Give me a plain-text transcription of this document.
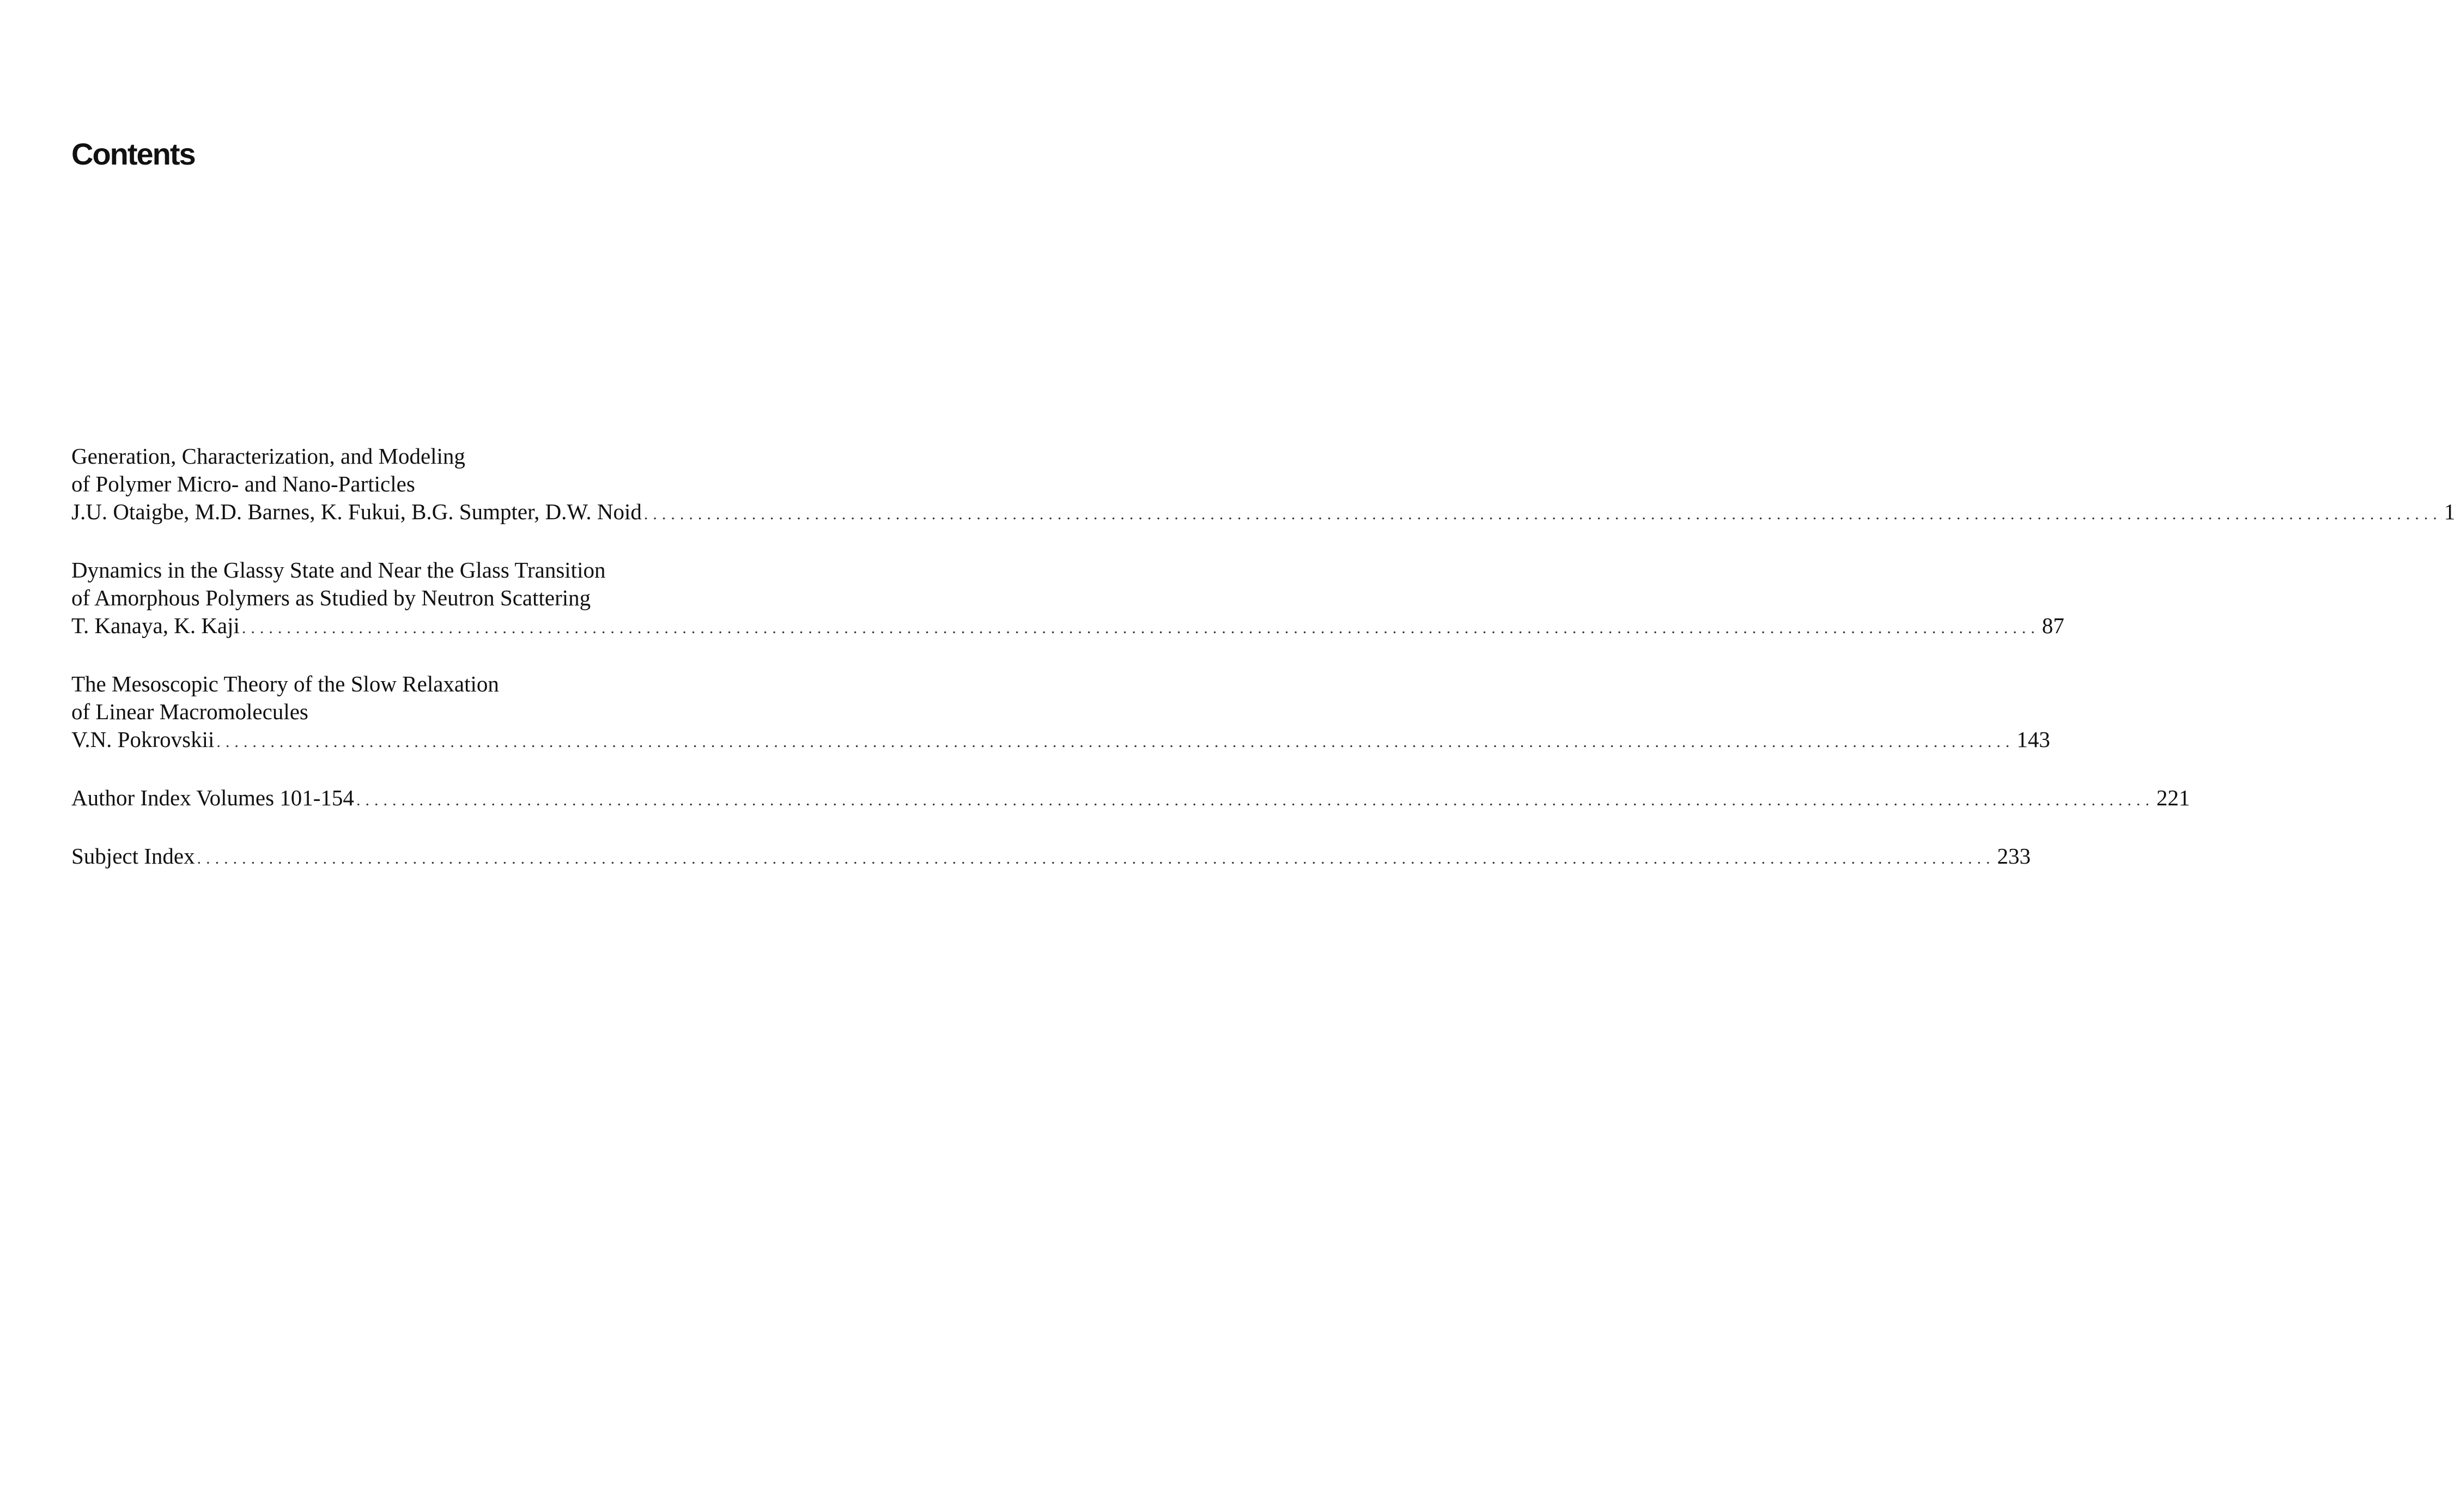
Contents
Generation, Characterization, and Modeling
of Polymer Micro- and Nano-Particles
J.U. Otaigbe, M.D. Barnes, K. Fukui, B.G. Sumpter, D.W. Noid ........................................................................................................................................................................................................ 1
Dynamics in the Glassy State and Near the Glass Transition
of Amorphous Polymers as Studied by Neutron Scattering
T. Kanaya, K. Kaji ........................................................................................................................................................................................................ 87
The Mesoscopic Theory of the Slow Relaxation
of Linear Macromolecules
V.N. Pokrovskii ........................................................................................................................................................................................................ 143
Author Index Volumes 101-154 ........................................................................................................................................................................................................ 221
Subject Index ........................................................................................................................................................................................................ 233
